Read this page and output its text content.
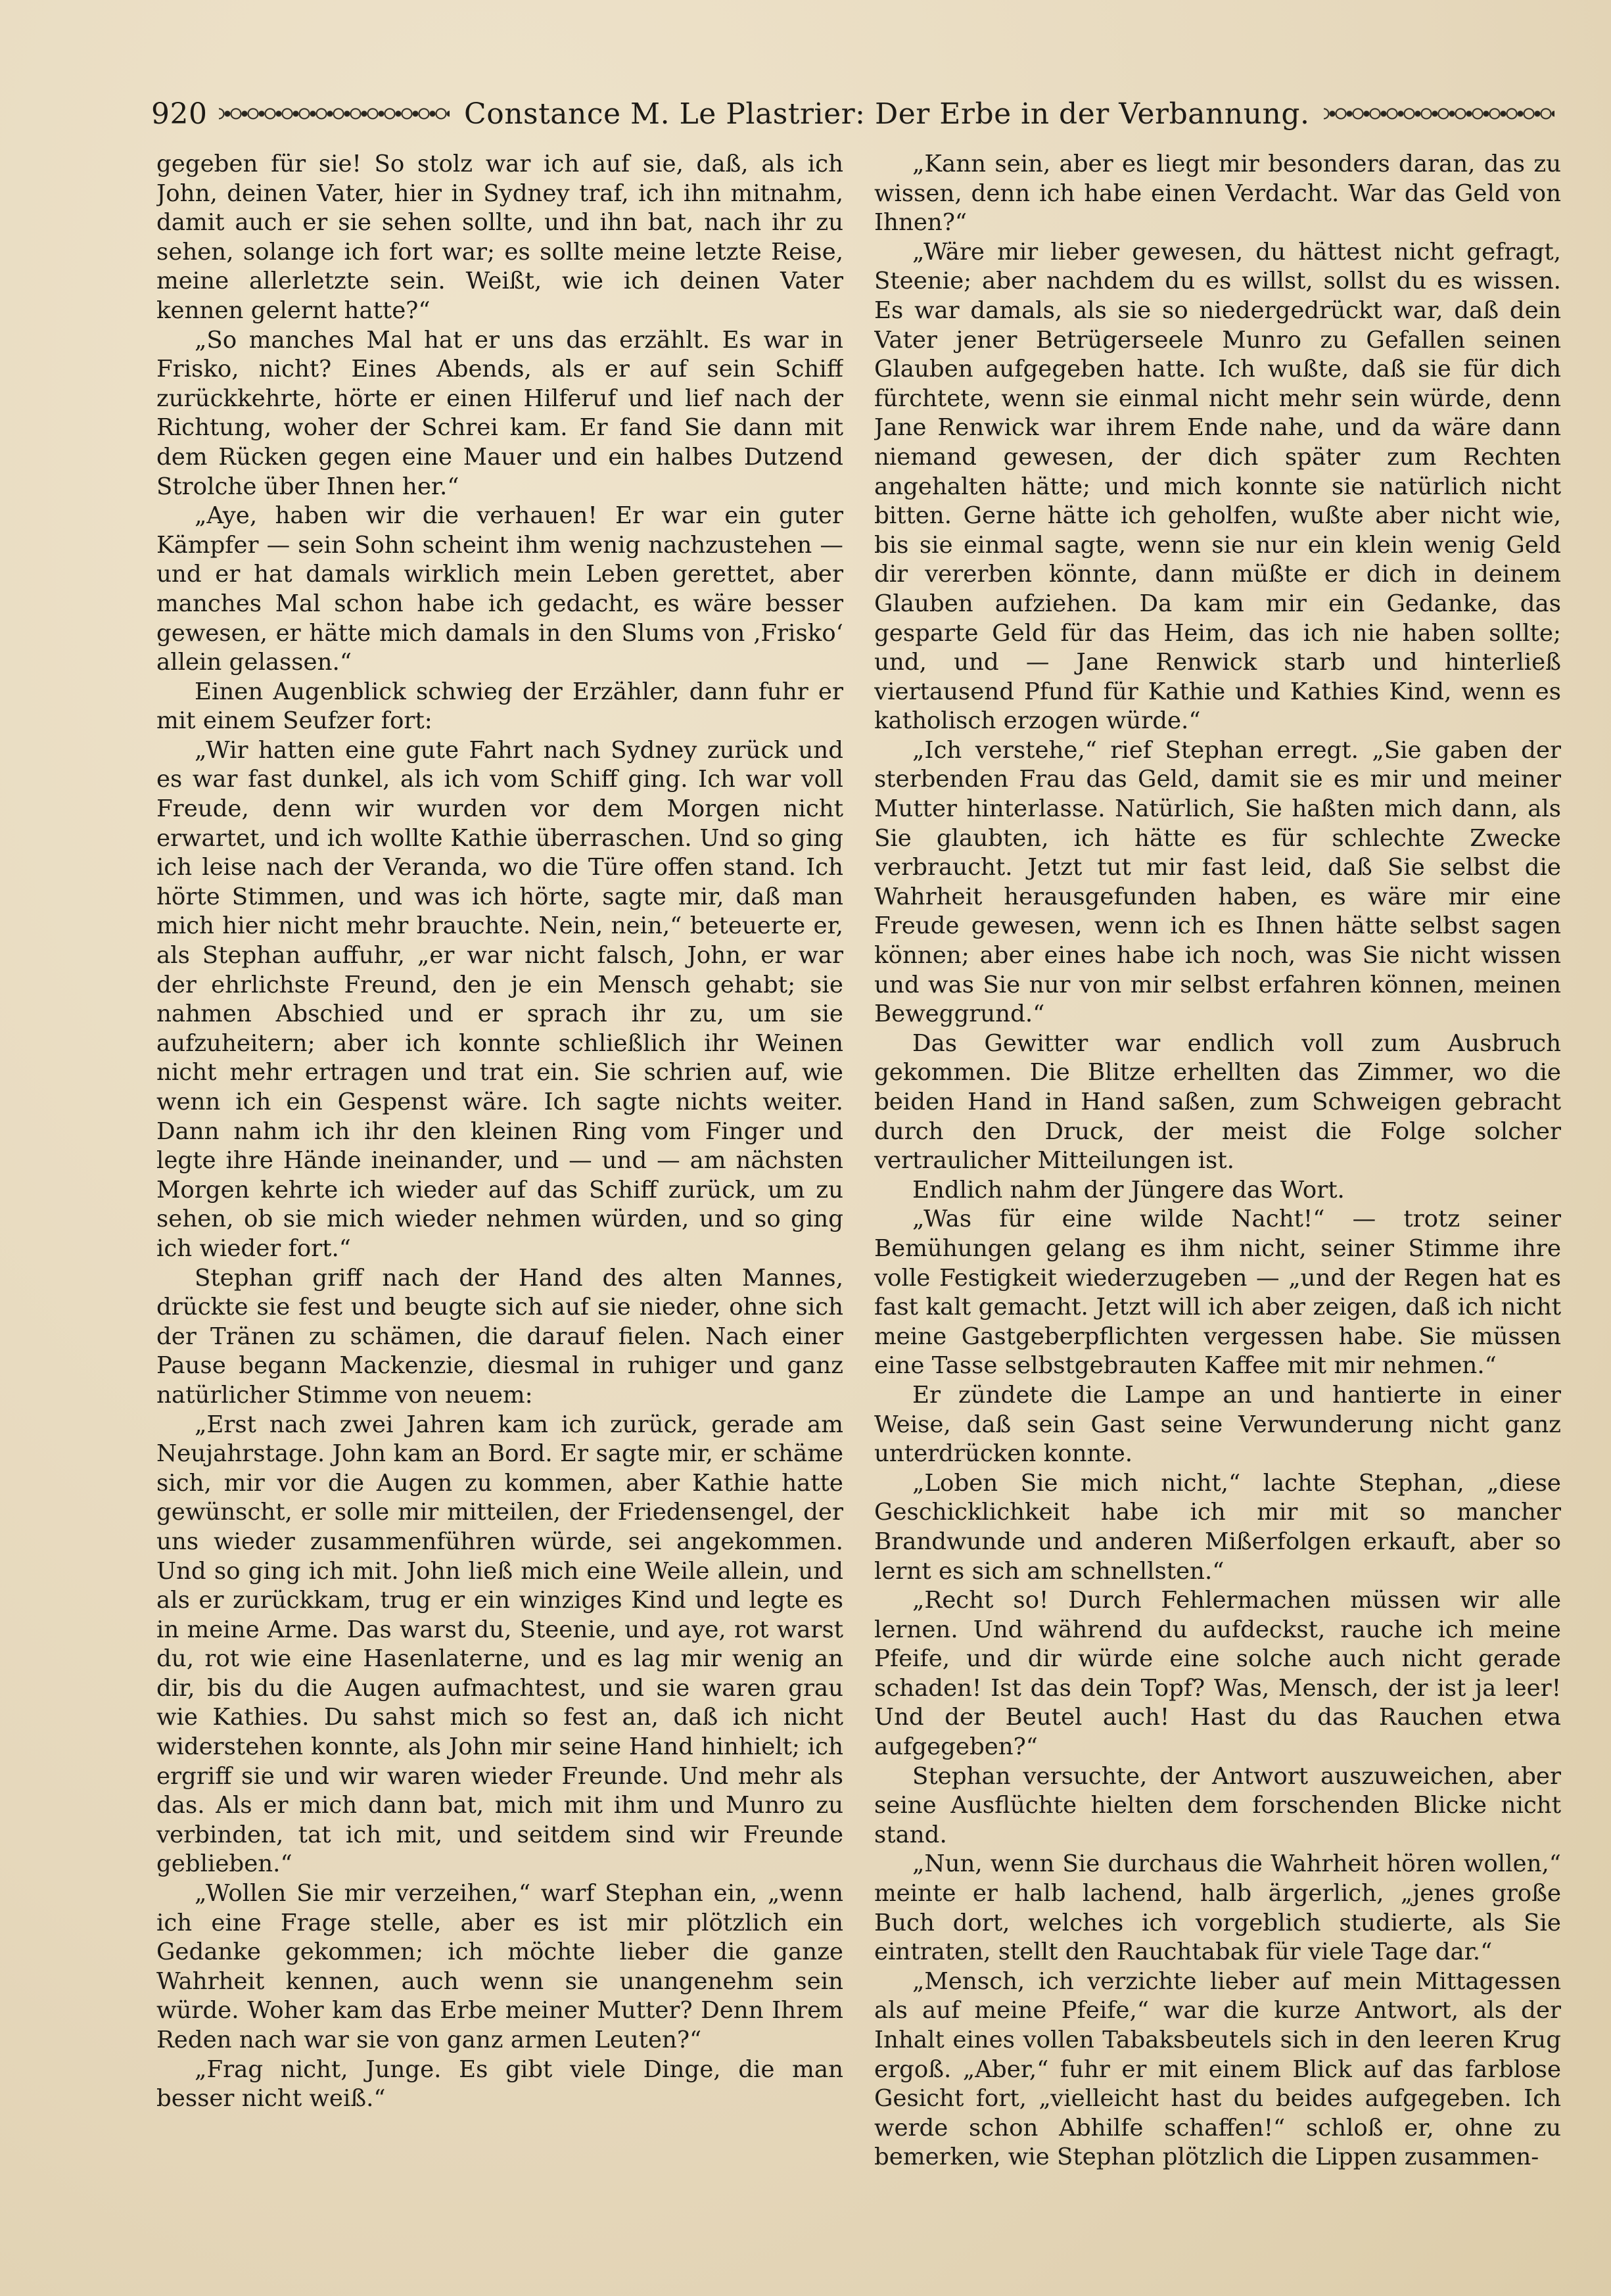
920	Constance M. Le Plastrier: Der Erbe in der Verbannung.

gegeben für sie! So stolz war ich auf sie, daß, als ich John, deinen Vater, hier in Sydney traf, ich ihn mitnahm, damit auch er sie sehen sollte, und ihn bat, nach ihr zu sehen, solange ich fort war; es sollte meine letzte Reise, meine allerletzte sein. Weißt, wie ich deinen Vater kennen gelernt hatte?“

„So manches Mal hat er uns das erzählt. Es war in Frisko, nicht? Eines Abends, als er auf sein Schiff zurückkehrte, hörte er einen Hilferuf und lief nach der Richtung, woher der Schrei kam. Er fand Sie dann mit dem Rücken gegen eine Mauer und ein halbes Dutzend Strolche über Ihnen her.“

„Aye, haben wir die verhauen! Er war ein guter Kämpfer — sein Sohn scheint ihm wenig nachzustehen — und er hat damals wirklich mein Leben gerettet, aber manches Mal schon habe ich gedacht, es wäre besser gewesen, er hätte mich damals in den Slums von ‚Frisko‘ allein gelassen.“

Einen Augenblick schwieg der Erzähler, dann fuhr er mit einem Seufzer fort:

„Wir hatten eine gute Fahrt nach Sydney zurück und es war fast dunkel, als ich vom Schiff ging. Ich war voll Freude, denn wir wurden vor dem Morgen nicht erwartet, und ich wollte Kathie überraschen. Und so ging ich leise nach der Veranda, wo die Türe offen stand. Ich hörte Stimmen, und was ich hörte, sagte mir, daß man mich hier nicht mehr brauchte. Nein, nein,“ beteuerte er, als Stephan auffuhr, „er war nicht falsch, John, er war der ehrlichste Freund, den je ein Mensch gehabt; sie nahmen Abschied und er sprach ihr zu, um sie aufzuheitern; aber ich konnte schließlich ihr Weinen nicht mehr ertragen und trat ein. Sie schrien auf, wie wenn ich ein Gespenst wäre. Ich sagte nichts weiter. Dann nahm ich ihr den kleinen Ring vom Finger und legte ihre Hände ineinander, und — und — am nächsten Morgen kehrte ich wieder auf das Schiff zurück, um zu sehen, ob sie mich wieder nehmen würden, und so ging ich wieder fort.“

Stephan griff nach der Hand des alten Mannes, drückte sie fest und beugte sich auf sie nieder, ohne sich der Tränen zu schämen, die darauf fielen. Nach einer Pause begann Mackenzie, diesmal in ruhiger und ganz natürlicher Stimme von neuem:

„Erst nach zwei Jahren kam ich zurück, gerade am Neujahrstage. John kam an Bord. Er sagte mir, er schäme sich, mir vor die Augen zu kommen, aber Kathie hatte gewünscht, er solle mir mitteilen, der Friedensengel, der uns wieder zusammenführen würde, sei angekommen. Und so ging ich mit. John ließ mich eine Weile allein, und als er zurückkam, trug er ein winziges Kind und legte es in meine Arme. Das warst du, Steenie, und aye, rot warst du, rot wie eine Hasenlaterne, und es lag mir wenig an dir, bis du die Augen aufmachtest, und sie waren grau wie Kathies. Du sahst mich so fest an, daß ich nicht widerstehen konnte, als John mir seine Hand hinhielt; ich ergriff sie und wir waren wieder Freunde. Und mehr als das. Als er mich dann bat, mich mit ihm und Munro zu verbinden, tat ich mit, und seitdem sind wir Freunde geblieben.“

„Wollen Sie mir verzeihen,“ warf Stephan ein, „wenn ich eine Frage stelle, aber es ist mir plötzlich ein Gedanke gekommen; ich möchte lieber die ganze Wahrheit kennen, auch wenn sie unangenehm sein würde. Woher kam das Erbe meiner Mutter? Denn Ihrem Reden nach war sie von ganz armen Leuten?“

„Frag nicht, Junge. Es gibt viele Dinge, die man besser nicht weiß.“

„Kann sein, aber es liegt mir besonders daran, das zu wissen, denn ich habe einen Verdacht. War das Geld von Ihnen?“

„Wäre mir lieber gewesen, du hättest nicht gefragt, Steenie; aber nachdem du es willst, sollst du es wissen. Es war damals, als sie so niedergedrückt war, daß dein Vater jener Betrügerseele Munro zu Gefallen seinen Glauben aufgegeben hatte. Ich wußte, daß sie für dich fürchtete, wenn sie einmal nicht mehr sein würde, denn Jane Renwick war ihrem Ende nahe, und da wäre dann niemand gewesen, der dich später zum Rechten angehalten hätte; und mich konnte sie natürlich nicht bitten. Gerne hätte ich geholfen, wußte aber nicht wie, bis sie einmal sagte, wenn sie nur ein klein wenig Geld dir vererben könnte, dann müßte er dich in deinem Glauben aufziehen. Da kam mir ein Gedanke, das gesparte Geld für das Heim, das ich nie haben sollte; und, und — Jane Renwick starb und hinterließ viertausend Pfund für Kathie und Kathies Kind, wenn es katholisch erzogen würde.“

„Ich verstehe,“ rief Stephan erregt. „Sie gaben der sterbenden Frau das Geld, damit sie es mir und meiner Mutter hinterlasse. Natürlich, Sie haßten mich dann, als Sie glaubten, ich hätte es für schlechte Zwecke verbraucht. Jetzt tut mir fast leid, daß Sie selbst die Wahrheit herausgefunden haben, es wäre mir eine Freude gewesen, wenn ich es Ihnen hätte selbst sagen können; aber eines habe ich noch, was Sie nicht wissen und was Sie nur von mir selbst erfahren können, meinen Beweggrund.“

Das Gewitter war endlich voll zum Ausbruch gekommen. Die Blitze erhellten das Zimmer, wo die beiden Hand in Hand saßen, zum Schweigen gebracht durch den Druck, der meist die Folge solcher vertraulicher Mitteilungen ist.

Endlich nahm der Jüngere das Wort.

„Was für eine wilde Nacht!“ — trotz seiner Bemühungen gelang es ihm nicht, seiner Stimme ihre volle Festigkeit wiederzugeben — „und der Regen hat es fast kalt gemacht. Jetzt will ich aber zeigen, daß ich nicht meine Gastgeberpflichten vergessen habe. Sie müssen eine Tasse selbstgebrauten Kaffee mit mir nehmen.“

Er zündete die Lampe an und hantierte in einer Weise, daß sein Gast seine Verwunderung nicht ganz unterdrücken konnte.

„Loben Sie mich nicht,“ lachte Stephan, „diese Geschicklichkeit habe ich mir mit so mancher Brandwunde und anderen Mißerfolgen erkauft, aber so lernt es sich am schnellsten.“

„Recht so! Durch Fehlermachen müssen wir alle lernen. Und während du aufdeckst, rauche ich meine Pfeife, und dir würde eine solche auch nicht gerade schaden! Ist das dein Topf? Was, Mensch, der ist ja leer! Und der Beutel auch! Hast du das Rauchen etwa aufgegeben?“

Stephan versuchte, der Antwort auszuweichen, aber seine Ausflüchte hielten dem forschenden Blicke nicht stand.

„Nun, wenn Sie durchaus die Wahrheit hören wollen,“ meinte er halb lachend, halb ärgerlich, „jenes große Buch dort, welches ich vorgeblich studierte, als Sie eintraten, stellt den Rauchtabak für viele Tage dar.“

„Mensch, ich verzichte lieber auf mein Mittagessen als auf meine Pfeife,“ war die kurze Antwort, als der Inhalt eines vollen Tabaksbeutels sich in den leeren Krug ergoß. „Aber,“ fuhr er mit einem Blick auf das farblose Gesicht fort, „vielleicht hast du beides aufgegeben. Ich werde schon Abhilfe schaffen!“ schloß er, ohne zu bemerken, wie Stephan plötzlich die Lippen zusammen-
